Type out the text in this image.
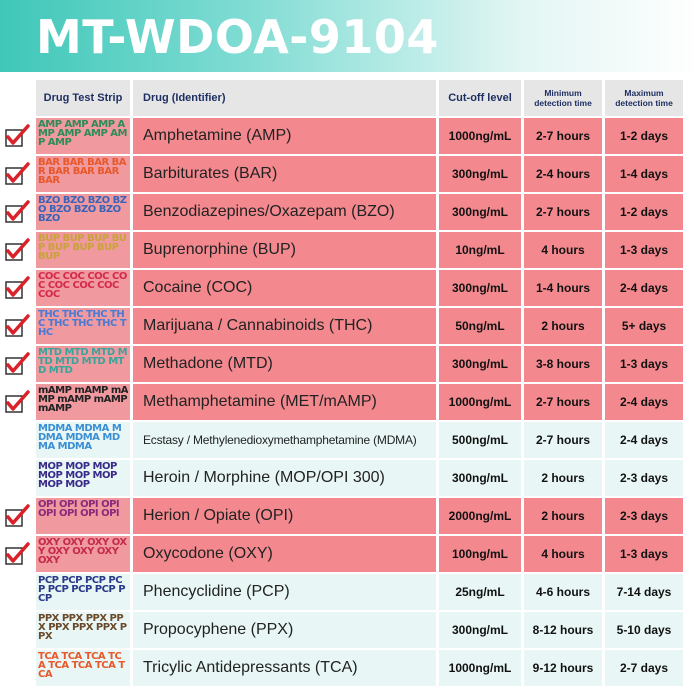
MT-WDOA-9104
Drug Test Strip	Drug (Identifier)	Cut-off level	Minimum
detection time
Maximum
detection time
AMP AMP AMP AMP AMP AMP AMP AMP	Amphetamine (AMP)	1000ng/mL 2-7 hours 1-2 days
BAR BAR BAR BAR BAR BAR BAR BAR	Barbiturates (BAR)	300ng/mL 2-4 hours 1-4 days
BZO BZO BZO BZO BZO BZO BZO BZO	Benzodiazepines/Oxazepam (BZO)	300ng/mL 2-7 hours 1-2 days
BUP BUP BUP BUP BUP BUP BUP BUP	Buprenorphine (BUP)	10ng/mL	4 hours	1-3 days
COC COC COC COC COC COC COC COC	Cocaine (COC)	300ng/mL 1-4 hours 2-4 days
THC THC THC THC THC THC THC THC	Marijuana / Cannabinoids (THC)	50ng/mL	2 hours	5+ days
MTD MTD MTD MTD MTD MTD MTD MTD	Methadone (MTD)	300ng/mL 3-8 hours 1-3 days
mAMP mAMP mAMP mAMP mAMP mAMP	Methamphetamine (MET/mAMP)	1000ng/mL 2-7 hours 2-4 days
MDMA MDMA MDMA MDMA MDMA MDMA	Ecstasy / Methylenedioxymethamphetamine (MDMA)	500ng/mL 2-7 hours 2-4 days
MOP MOP MOP MOP MOP MOP MOP MOP	Heroin / Morphine (MOP/OPI 300)	300ng/mL	2 hours	2-3 days
OPI OPI OPI OPI OPI OPI OPI OPI	Herion / Opiate (OPI)	2000ng/mL 2 hours	2-3 days
OXY OXY OXY OXY OXY OXY OXY OXY	Oxycodone (OXY)	100ng/mL	4 hours	1-3 days
PCP PCP PCP PCP PCP PCP PCP PCP	Phencyclidine (PCP)	25ng/mL	4-6 hours 7-14 days
PPX PPX PPX PPX PPX PPX PPX PPX	Propocyphene (PPX)	300ng/mL 8-12 hours 5-10 days
TCA TCA TCA TCA TCA TCA TCA TCA	Tricylic Antidepressants (TCA)	1000ng/mL 9-12 hours 2-7 days
